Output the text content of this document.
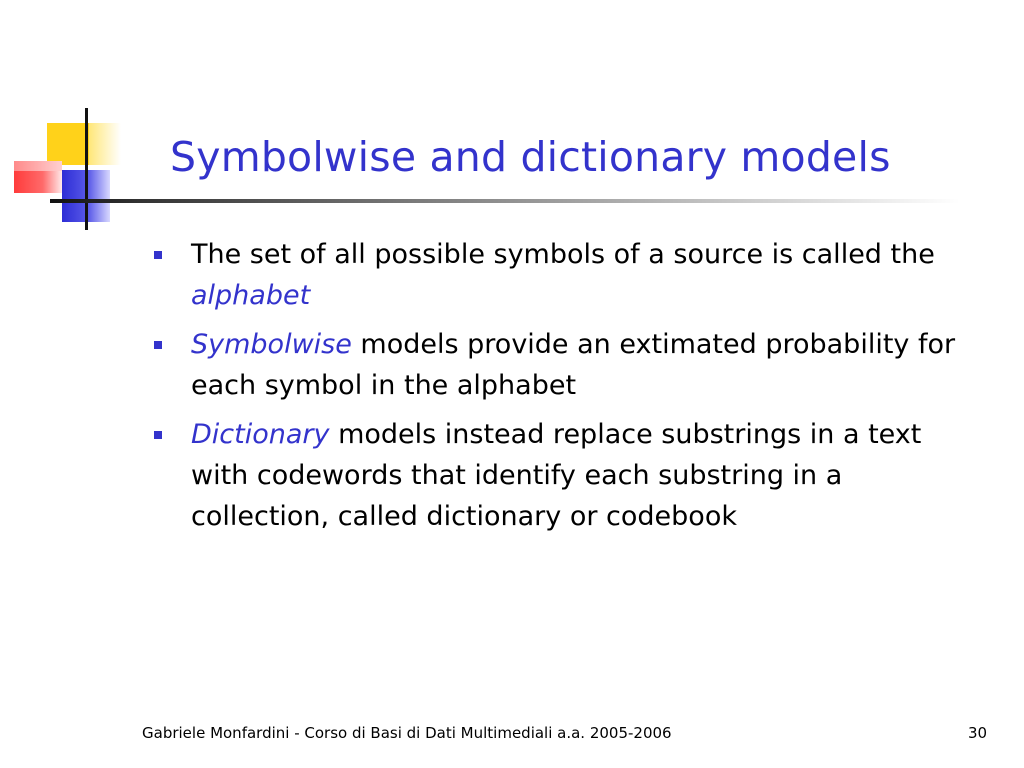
Symbolwise and dictionary models
The set of all possible symbols of a source is called the alphabet
Symbolwise models provide an extimated probability for each symbol in the alphabet
Dictionary models instead replace substrings in a text with codewords that identify each substring in a collection, called dictionary or codebook
Gabriele Monfardini - Corso di Basi di Dati Multimediali a.a. 2005-2006	30
